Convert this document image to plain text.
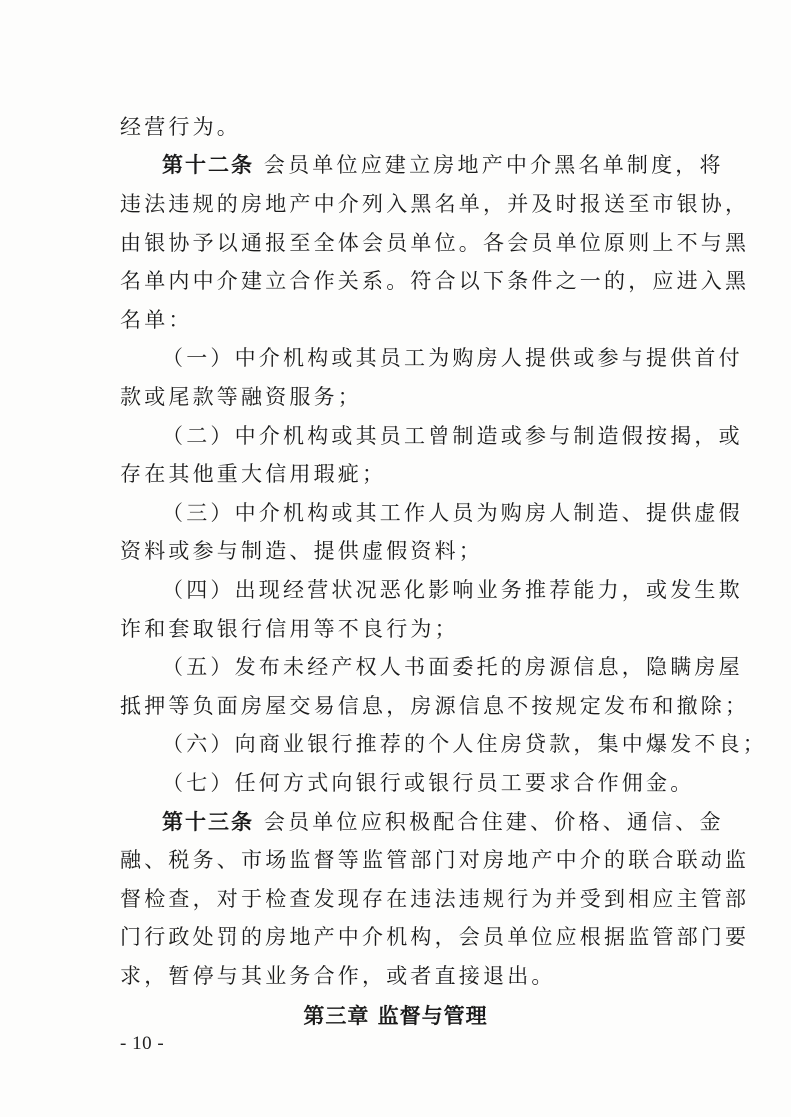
经营行为。
第十二条 会员单位应建立房地产中介黑名单制度，将
违法违规的房地产中介列入黑名单，并及时报送至市银协，
由银协予以通报至全体会员单位。各会员单位原则上不与黑
名单内中介建立合作关系。符合以下条件之一的，应进入黑
名单：
（一）中介机构或其员工为购房人提供或参与提供首付
款或尾款等融资服务；
（二）中介机构或其员工曾制造或参与制造假按揭，或
存在其他重大信用瑕疵；
（三）中介机构或其工作人员为购房人制造、提供虚假
资料或参与制造、提供虚假资料；
（四）出现经营状况恶化影响业务推荐能力，或发生欺
诈和套取银行信用等不良行为；
（五）发布未经产权人书面委托的房源信息，隐瞒房屋
抵押等负面房屋交易信息，房源信息不按规定发布和撤除；
（六）向商业银行推荐的个人住房贷款，集中爆发不良；
（七）任何方式向银行或银行员工要求合作佣金。
第十三条 会员单位应积极配合住建、价格、通信、金
融、税务、市场监督等监管部门对房地产中介的联合联动监
督检查，对于检查发现存在违法违规行为并受到相应主管部
门行政处罚的房地产中介机构，会员单位应根据监管部门要
求，暂停与其业务合作，或者直接退出。
第三章 监督与管理
- 10 -
